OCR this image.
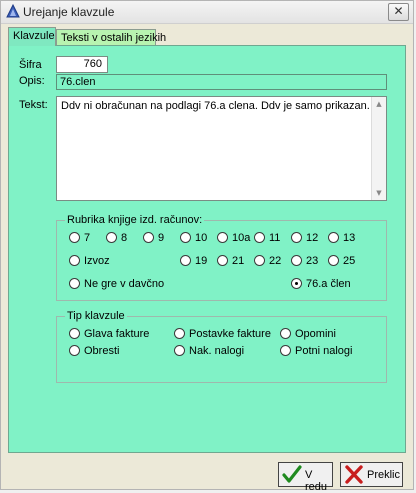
Urejanje klavzule	✕
Klavzule Teksti v ostalih jezikih
Šifra	760
Opis:	76.clen
Tekst: Ddv ni obračunan na podlagi 76.a clena. Ddv je samo prikazan. ▲
▼
Rubrika knjige izd. računov:
7	8	9	10	10a	11	12	13
Izvoz	19	21	22	23	25
Ne gre v davčno	76.a člen
Tip klavzule
Glava fakture	Postavke fakture	Opomini
Obresti	Nak. nalogi	Potni nalogi
V redu
Preklic
